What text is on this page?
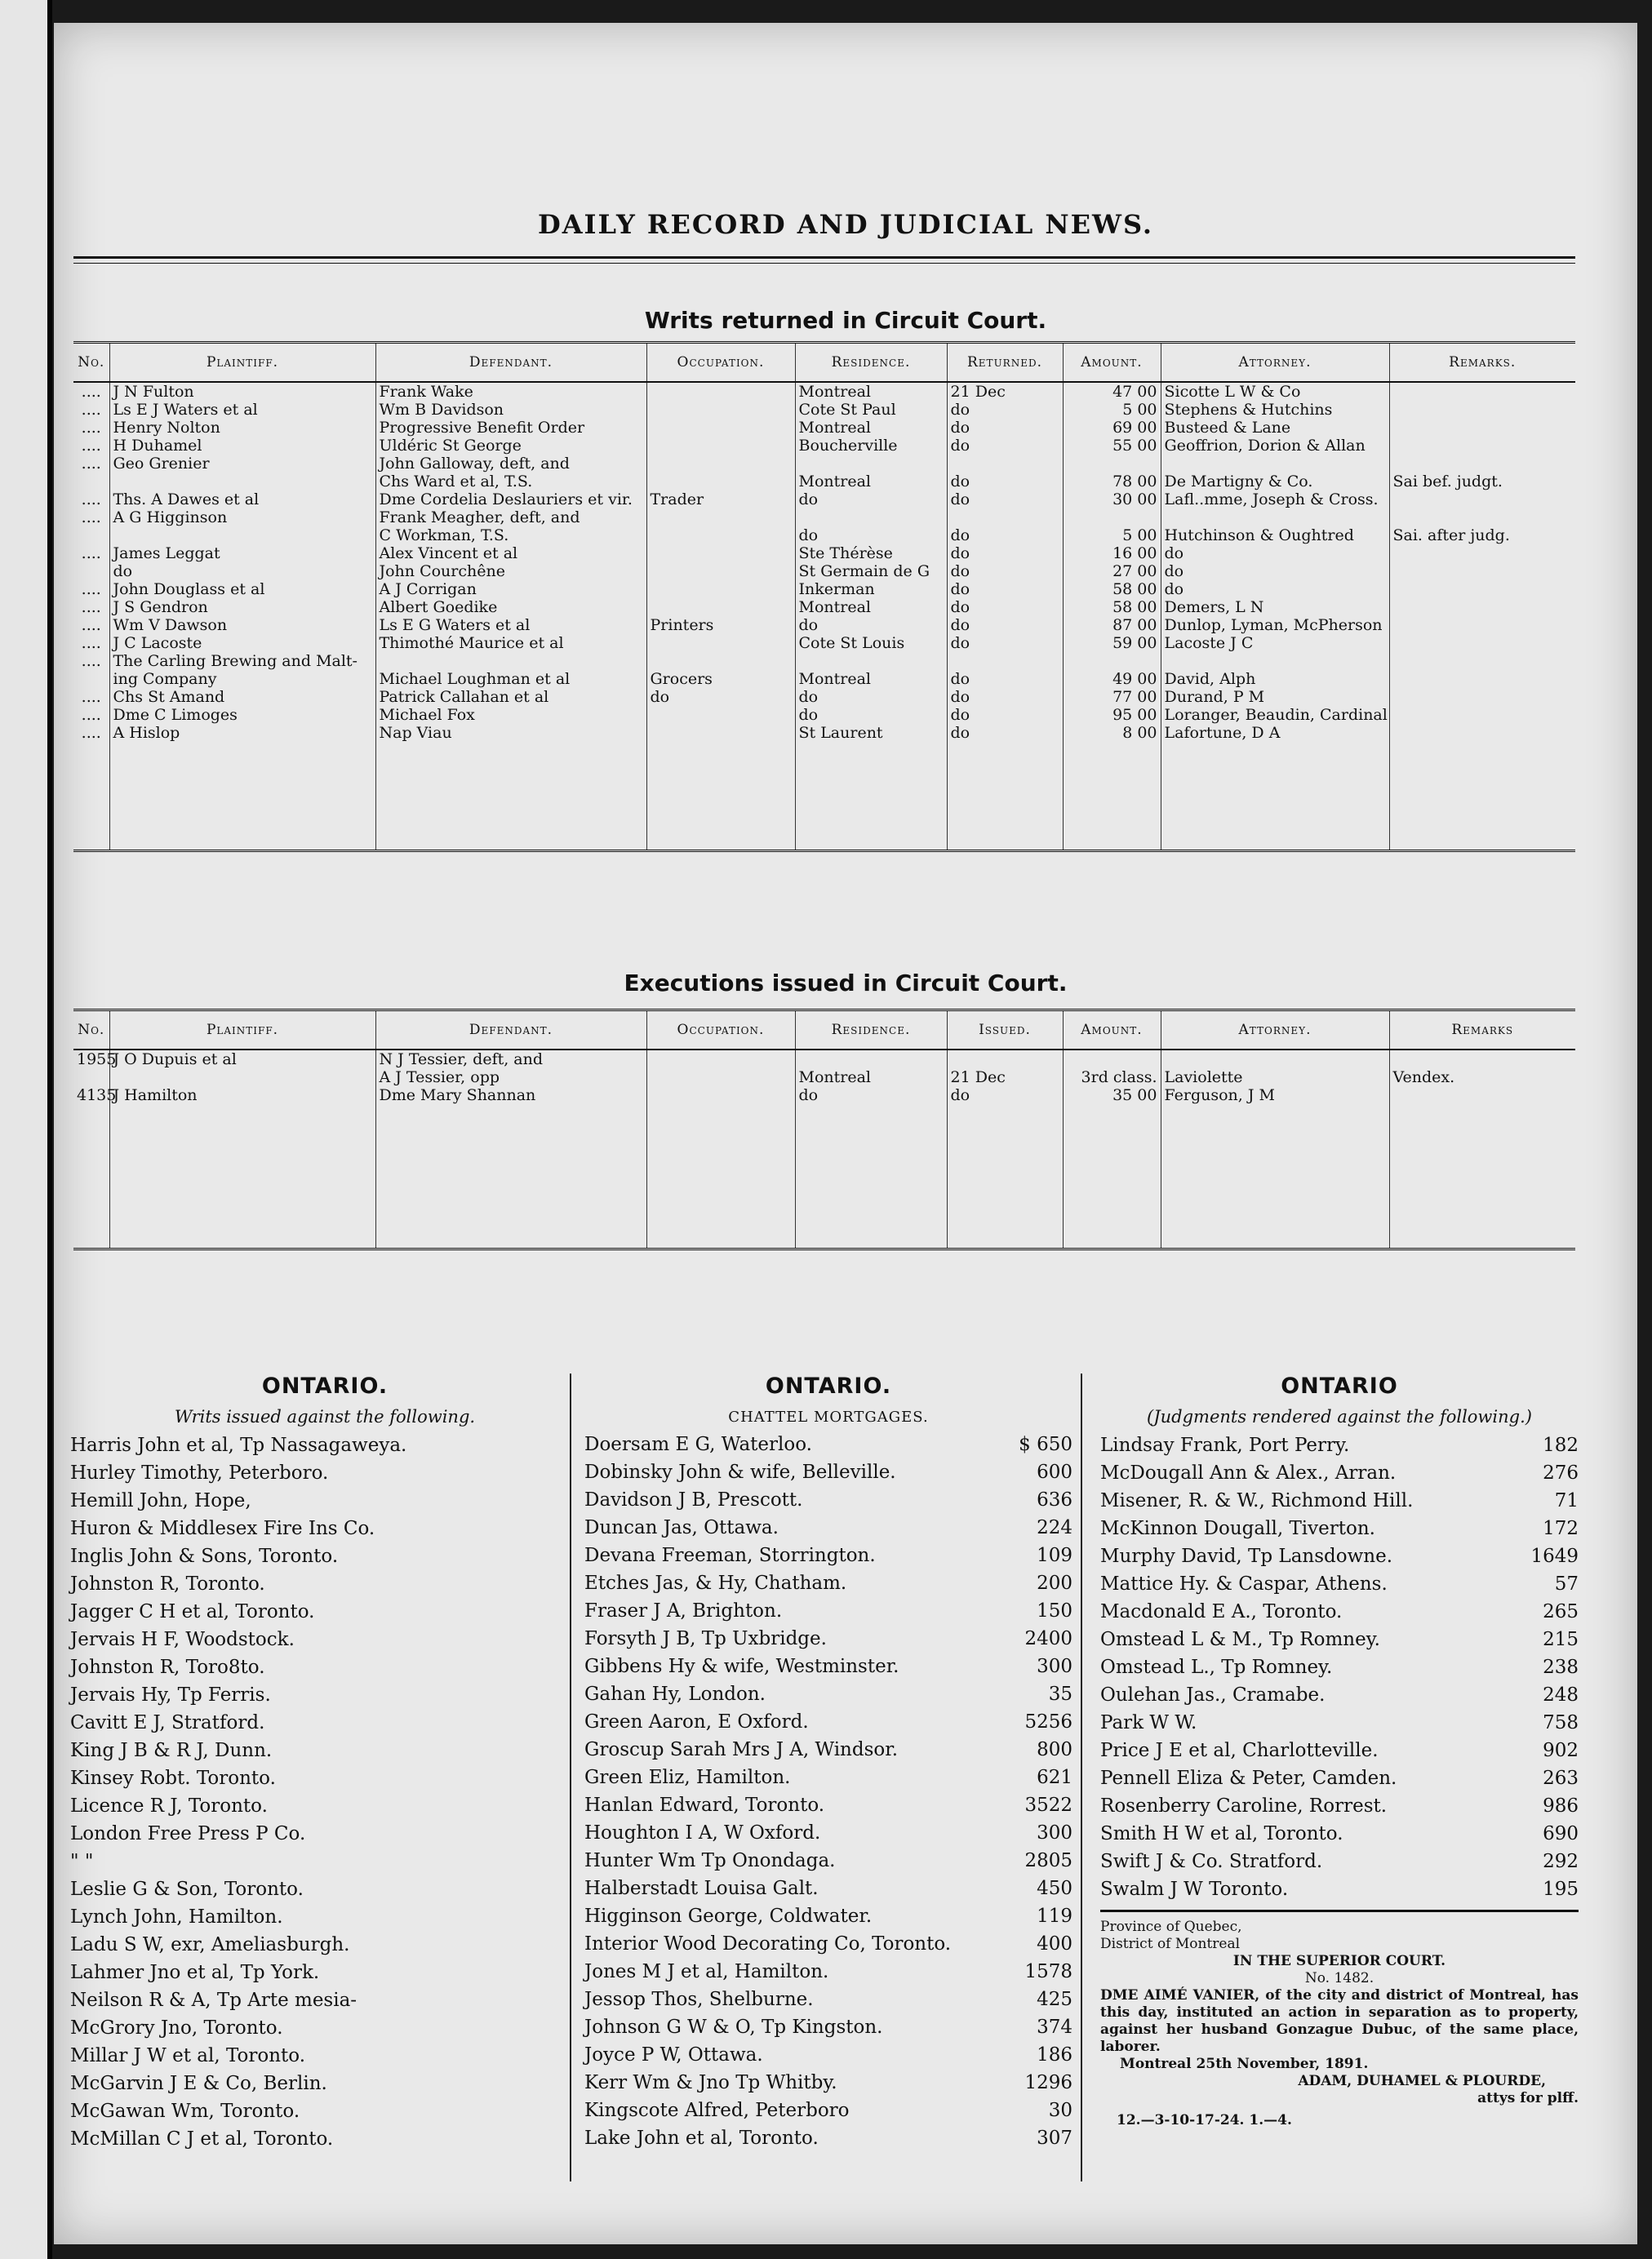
DAILY RECORD AND JUDICIAL NEWS.
Writs returned in Circuit Court.
No.	Plaintiff.	Defendant.	Occupation.	Residence.	Returned.	Amount.	Attorney.	Remarks.
....	J N Fulton	Frank Wake		Montreal	21 Dec	47 00	Sicotte L W & Co	
....	Ls E J Waters et al	Wm B Davidson		Cote St Paul	do	5 00	Stephens & Hutchins	
....	Henry Nolton	Progressive Benefit Order		Montreal	do	69 00	Busteed & Lane	
....	H Duhamel	Uldéric St George		Boucherville	do	55 00	Geoffrion, Dorion & Allan	
....	Geo Grenier	John Galloway, deft, and						
		Chs Ward et al, T.S.		Montreal	do	78 00	De Martigny & Co.	Sai bef. judgt.
....	Ths. A Dawes et al	Dme Cordelia Deslauriers et vir.	Trader	do	do	30 00	Lafl..mme, Joseph & Cross.	
....	A G Higginson	Frank Meagher, deft, and						
		C Workman, T.S.		do	do	5 00	Hutchinson & Oughtred	Sai. after judg.
....	James Leggat	Alex Vincent et al		Ste Thérèse	do	16 00	do	
	do	John Courchêne		St Germain de G	do	27 00	do	
....	John Douglass et al	A J Corrigan		Inkerman	do	58 00	do	
....	J S Gendron	Albert Goedike		Montreal	do	58 00	Demers, L N	
....	Wm V Dawson	Ls E G Waters et al	Printers	do	do	87 00	Dunlop, Lyman, McPherson	
....	J C Lacoste	Thimothé Maurice et al		Cote St Louis	do	59 00	Lacoste J C	
....	The Carling Brewing and Malt-							
	ing Company	Michael Loughman et al	Grocers	Montreal	do	49 00	David, Alph	
....	Chs St Amand	Patrick Callahan et al	do	do	do	77 00	Durand, P M	
....	Dme C Limoges	Michael Fox		do	do	95 00	Loranger, Beaudin, Cardinal	
....	A Hislop	Nap Viau		St Laurent	do	8 00	Lafortune, D A	

Executions issued in Circuit Court.
No.	Plaintiff.	Defendant.	Occupation.	Residence.	Issued.	Amount.	Attorney.	Remarks
1955	J O Dupuis et al	N J Tessier, deft, and						
		A J Tessier, opp		Montreal	21 Dec	3rd class.	Laviolette	Vendex.
4135	J Hamilton	Dme Mary Shannan		do	do	35 00	Ferguson, J M	

ONTARIO.
Writs issued against the following.
Harris John et al, Tp Nassagaweya.
Hurley Timothy, Peterboro.
Hemill John, Hope,
Huron & Middlesex Fire Ins Co.
Inglis John & Sons, Toronto.
Johnston R, Toronto.
Jagger C H et al, Toronto.
Jervais H F, Woodstock.
Johnston R, Toro8to.
Jervais Hy, Tp Ferris.
Cavitt E J, Stratford.
King J B & R J, Dunn.
Kinsey Robt. Toronto.
Licence R J, Toronto.
London Free Press P Co.
" "
Leslie G & Son, Toronto.
Lynch John, Hamilton.
Ladu S W, exr, Ameliasburgh.
Lahmer Jno et al, Tp York.
Neilson R & A, Tp Arte mesia-
McGrory Jno, Toronto.
Millar J W et al, Toronto.
McGarvin J E & Co, Berlin.
McGawan Wm, Toronto.
McMillan C J et al, Toronto.
ONTARIO.
CHATTEL MORTGAGES.
Doersam E G, Waterloo.	$ 650
Dobinsky John & wife, Belleville.	600
Davidson J B, Prescott.	636
Duncan Jas, Ottawa.	224
Devana Freeman, Storrington.	109
Etches Jas, & Hy, Chatham.	200
Fraser J A, Brighton.	150
Forsyth J B, Tp Uxbridge.	2400
Gibbens Hy & wife, Westminster.	300
Gahan Hy, London.	35
Green Aaron, E Oxford.	5256
Groscup Sarah Mrs J A, Windsor.	800
Green Eliz, Hamilton.	621
Hanlan Edward, Toronto.	3522
Houghton I A, W Oxford.	300
Hunter Wm Tp Onondaga.	2805
Halberstadt Louisa Galt.	450
Higginson George, Coldwater.	119
Interior Wood Decorating Co, Toronto.	400
Jones M J et al, Hamilton.	1578
Jessop Thos, Shelburne.	425
Johnson G W & O, Tp Kingston.	374
Joyce P W, Ottawa.	186
Kerr Wm & Jno Tp Whitby.	1296
Kingscote Alfred, Peterboro	30
Lake John et al, Toronto.	307
ONTARIO
(Judgments rendered against the following.)
Lindsay Frank, Port Perry.	182
McDougall Ann & Alex., Arran.	276
Misener, R. & W., Richmond Hill.	71
McKinnon Dougall, Tiverton.	172
Murphy David, Tp Lansdowne.	1649
Mattice Hy. & Caspar, Athens.	57
Macdonald E A., Toronto.	265
Omstead L & M., Tp Romney.	215
Omstead L., Tp Romney.	238
Oulehan Jas., Cramabe.	248
Park W W.	758
Price J E et al, Charlotteville.	902
Pennell Eliza & Peter, Camden.	263
Rosenberry Caroline, Rorrest.	986
Smith H W et al, Toronto.	690
Swift J & Co. Stratford.	292
Swalm J W Toronto.	195
Province of Quebec,
District of Montreal
IN THE SUPERIOR COURT.
No. 1482.
DME AIMÉ VANIER, of the city and district of Montreal, has this day, instituted an action in separation as to property, against her husband Gonzague Dubuc, of the same place, laborer.
Montreal 25th November, 1891.
ADAM, DUHAMEL & PLOURDE,
attys for plff.
12.—3-10-17-24. 1.—4.
